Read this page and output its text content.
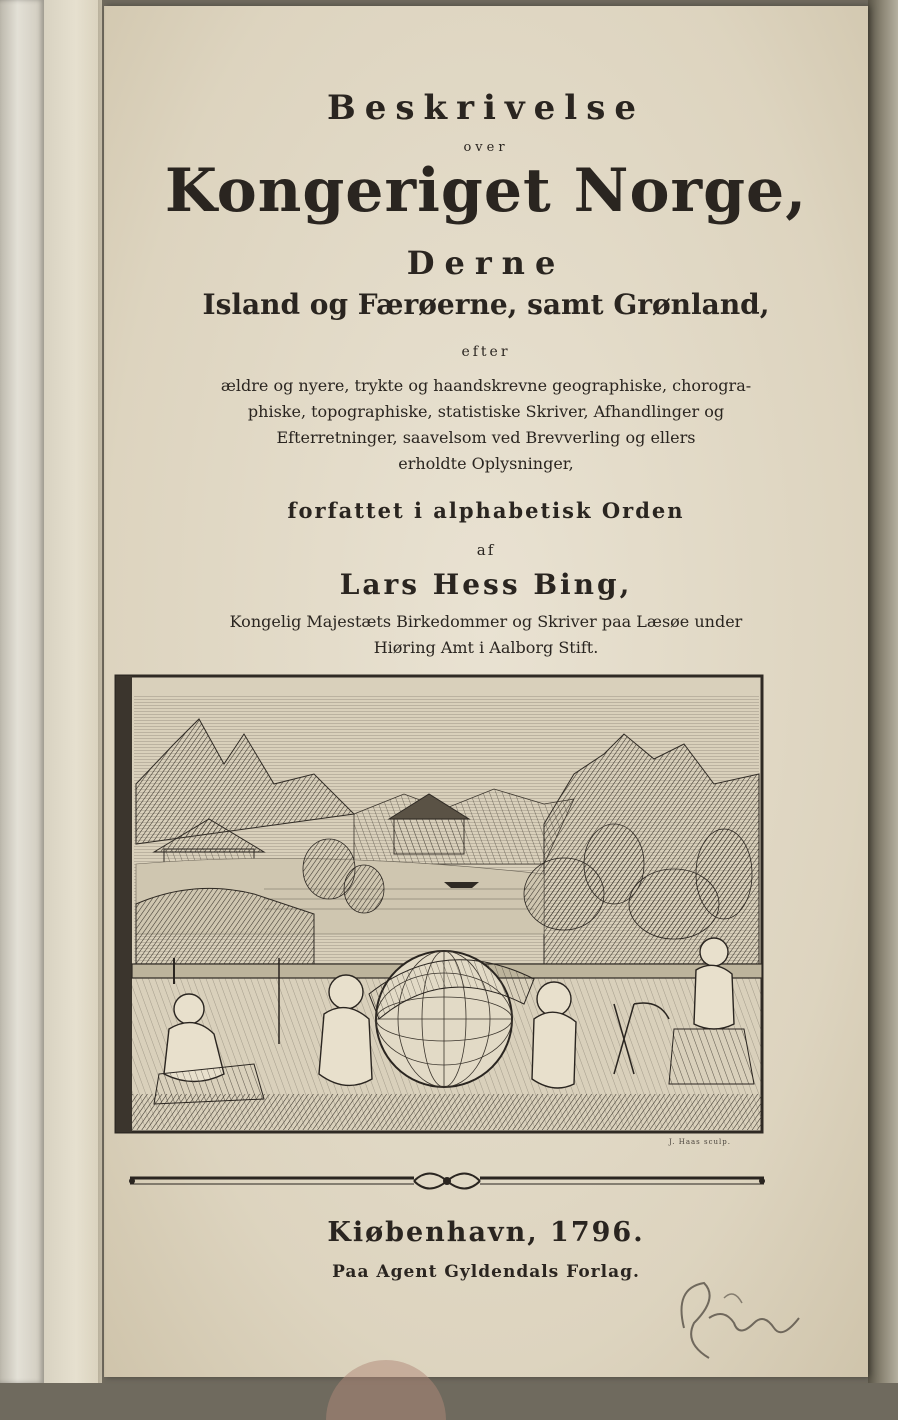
Beskrivelse
over
Kongeriget Norge,
Derne
Island og Færøerne, samt Grønland,
efter
ældre og nyere, trykte og haandskrevne geographiske, chorogra-
phiske, topographiske, statistiske Skriver, Afhandlinger og
Efterretninger, saavelsom ved Brevverling og ellers
erholdte Oplysninger,
forfattet i alphabetisk Orden
af
Lars Hess Bing,
Kongelig Majestæts Birkedommer og Skriver paa Læsøe under
Hiøring Amt i Aalborg Stift.
J. Haas sculp.
Kiøbenhavn, 1796.
Paa Agent Gyldendals Forlag.
